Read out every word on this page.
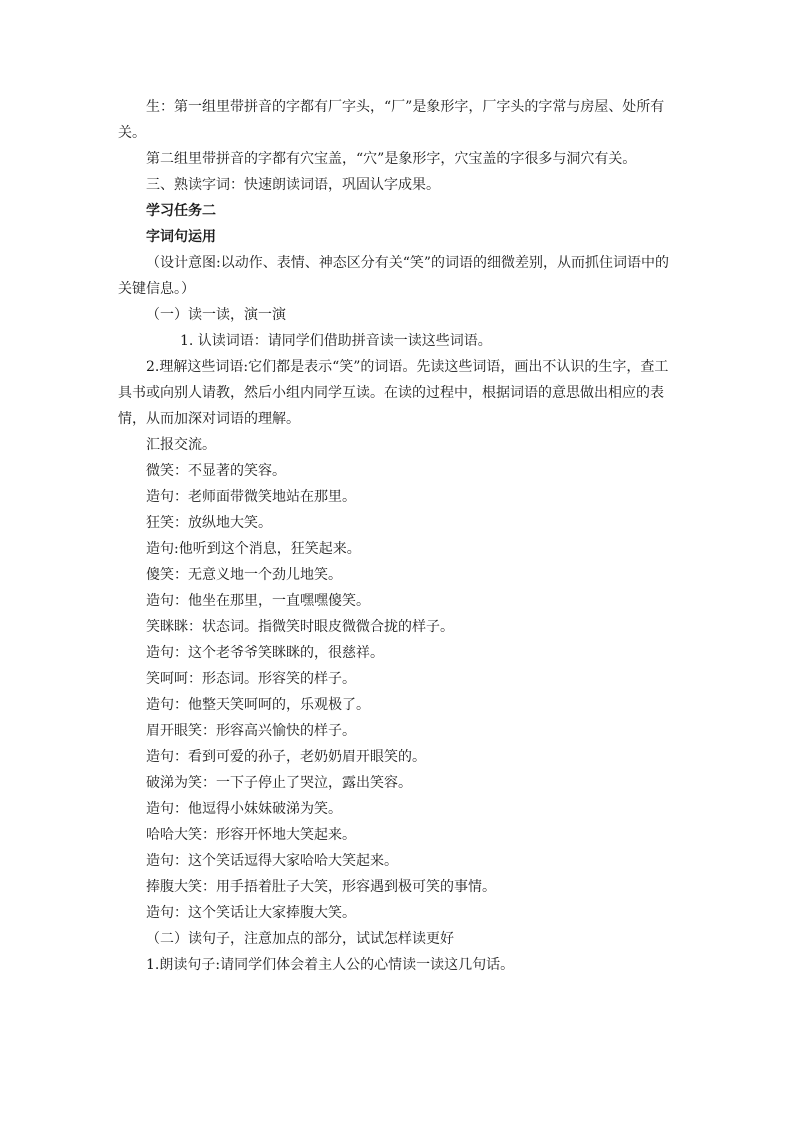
生：第一组里带拼音的字都有厂字头，“厂”是象形字，厂字头的字常与房屋、处所有关。

第二组里带拼音的字都有穴宝盖，“穴”是象形字，穴宝盖的字很多与洞穴有关。

三、熟读字词：快速朗读词语，巩固认字成果。

学习任务二

字词句运用

（设计意图:以动作、表情、神态区分有关“笑”的词语的细微差别，从而抓住词语中的关键信息。）

（一）读一读，演一演

1. 认读词语：请同学们借助拼音读一读这些词语。

2.理解这些词语:它们都是表示“笑”的词语。先读这些词语，画出不认识的生字，查工具书或向别人请教，然后小组内同学互读。在读的过程中，根据词语的意思做出相应的表情，从而加深对词语的理解。

汇报交流。

微笑：不显著的笑容。

造句：老师面带微笑地站在那里。

狂笑：放纵地大笑。

造句:他听到这个消息，狂笑起来。

傻笑：无意义地一个劲儿地笑。

造句：他坐在那里，一直嘿嘿傻笑。

笑眯眯：状态词。指微笑时眼皮微微合拢的样子。

造句：这个老爷爷笑眯眯的，很慈祥。

笑呵呵：形态词。形容笑的样子。

造句：他整天笑呵呵的，乐观极了。

眉开眼笑：形容高兴愉快的样子。

造句：看到可爱的孙子，老奶奶眉开眼笑的。

破涕为笑：一下子停止了哭泣，露出笑容。

造句：他逗得小妹妹破涕为笑。

哈哈大笑：形容开怀地大笑起来。

造句：这个笑话逗得大家哈哈大笑起来。

捧腹大笑：用手捂着肚子大笑，形容遇到极可笑的事情。

造句：这个笑话让大家捧腹大笑。

（二）读句子，注意加点的部分，试试怎样读更好

1.朗读句子:请同学们体会着主人公的心情读一读这几句话。
